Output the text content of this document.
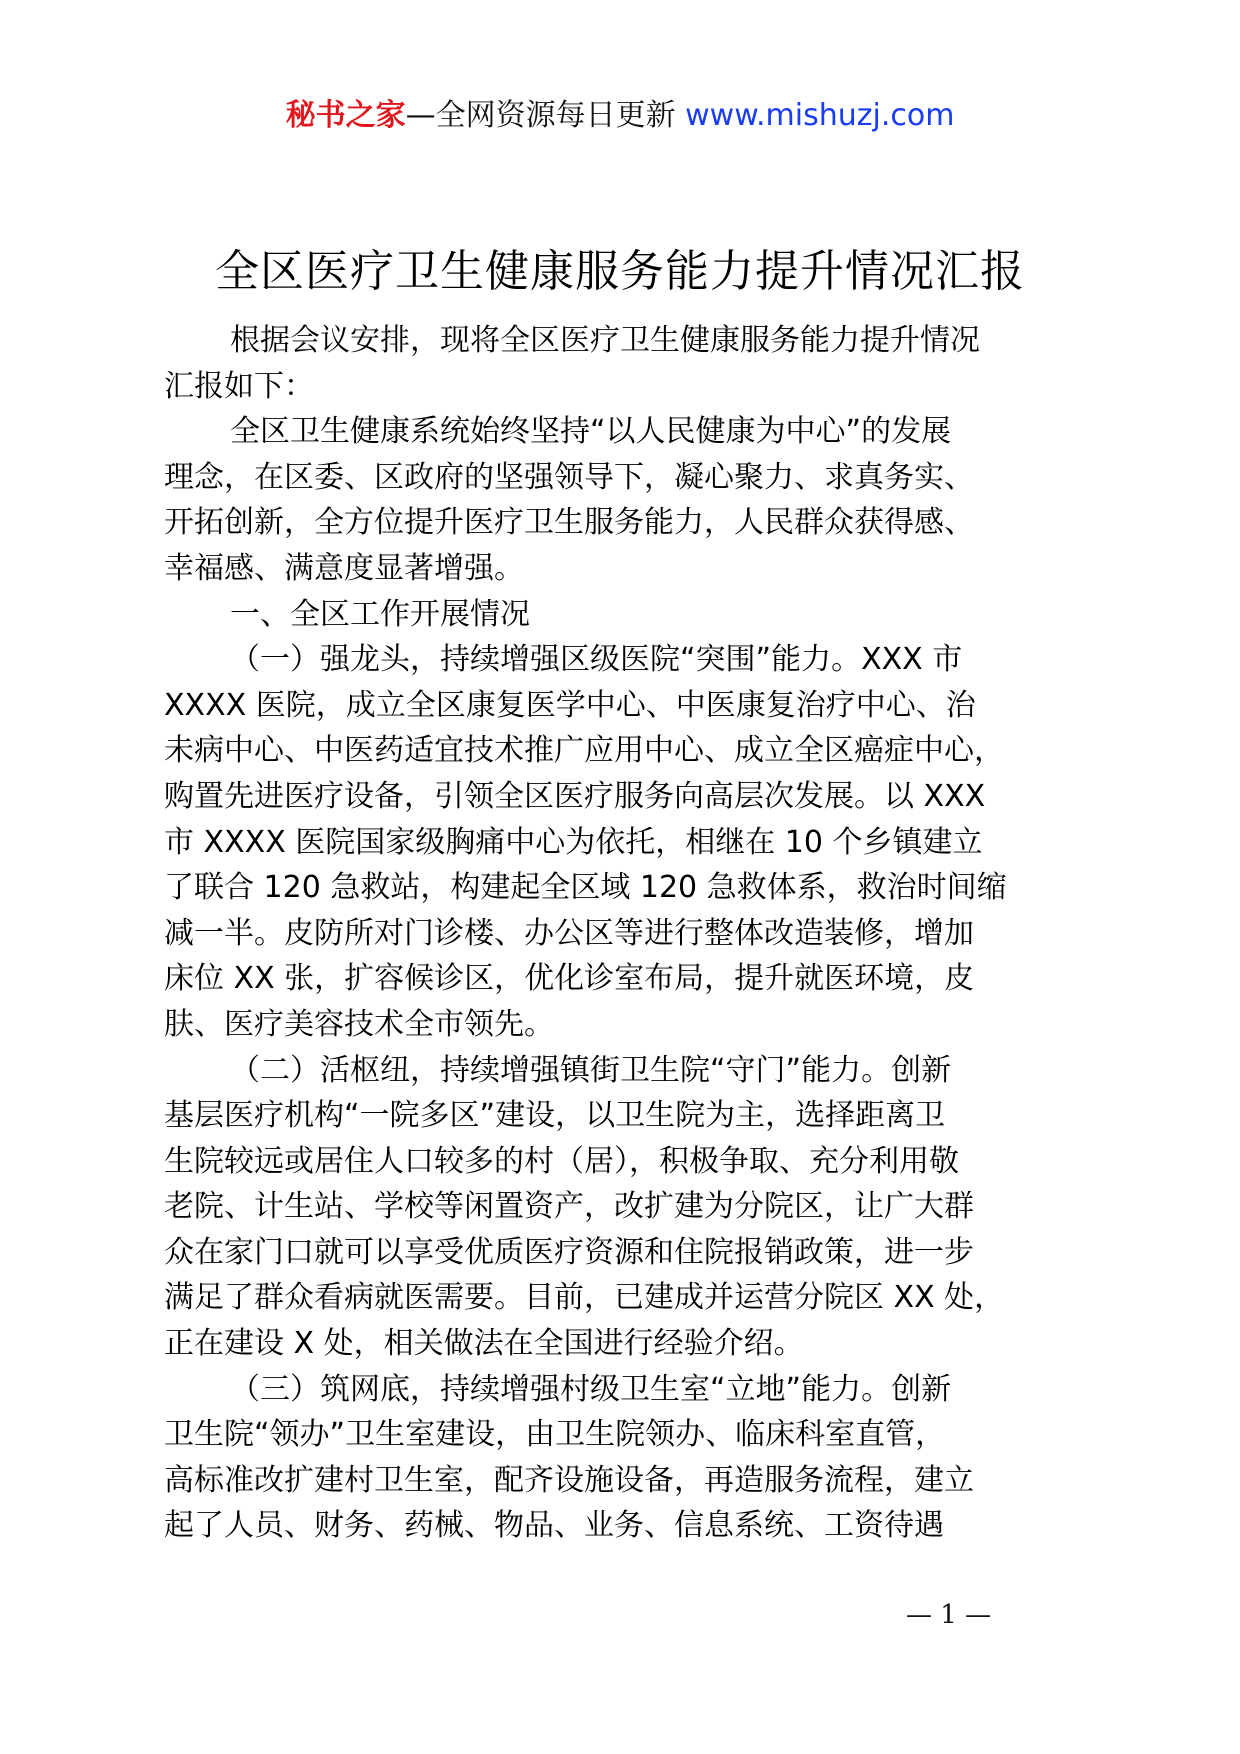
秘书之家—全网资源每日更新 www.mishuzj.com
全区医疗卫生健康服务能力提升情况汇报
根据会议安排，现将全区医疗卫生健康服务能力提升情况
汇报如下：
全区卫生健康系统始终坚持“以人民健康为中心”的发展
理念，在区委、区政府的坚强领导下，凝心聚力、求真务实、
开拓创新，全方位提升医疗卫生服务能力，人民群众获得感、
幸福感、满意度显著增强。
一、全区工作开展情况
（一）强龙头，持续增强区级医院“突围”能力。XXX 市
XXXX 医院，成立全区康复医学中心、中医康复治疗中心、治
未病中心、中医药适宜技术推广应用中心、成立全区癌症中心，
购置先进医疗设备，引领全区医疗服务向高层次发展。以 XXX
市 XXXX 医院国家级胸痛中心为依托，相继在 10 个乡镇建立
了联合 120 急救站，构建起全区域 120 急救体系，救治时间缩
减一半。皮防所对门诊楼、办公区等进行整体改造装修，增加
床位 XX 张，扩容候诊区，优化诊室布局，提升就医环境，皮
肤、医疗美容技术全市领先。
（二）活枢纽，持续增强镇街卫生院“守门”能力。创新
基层医疗机构“一院多区”建设，以卫生院为主，选择距离卫
生院较远或居住人口较多的村（居），积极争取、充分利用敬
老院、计生站、学校等闲置资产，改扩建为分院区，让广大群
众在家门口就可以享受优质医疗资源和住院报销政策，进一步
满足了群众看病就医需要。目前，已建成并运营分院区 XX 处，
正在建设 X 处，相关做法在全国进行经验介绍。
（三）筑网底，持续增强村级卫生室“立地”能力。创新
卫生院“领办”卫生室建设，由卫生院领办、临床科室直管，
高标准改扩建村卫生室，配齐设施设备，再造服务流程，建立
起了人员、财务、药械、物品、业务、信息系统、工资待遇
— 1 —
